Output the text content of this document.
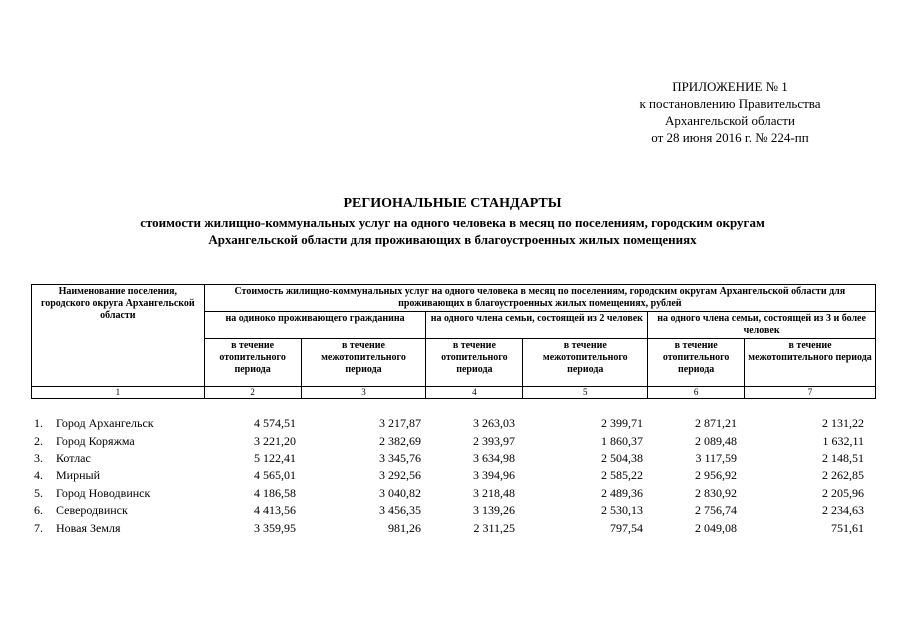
ПРИЛОЖЕНИЕ № 1
к постановлению Правительства
Архангельской области
от 28 июня 2016 г. № 224-пп
РЕГИОНАЛЬНЫЕ СТАНДАРТЫ
стоимости жилищно-коммунальных услуг на одного человека в месяц по поселениям, городским округам
Архангельской области для проживающих в благоустроенных жилых помещениях
Наименование поселения, городского округа Архангельской области	Стоимость жилищно-коммунальных услуг на одного человека в месяц по поселениям, городским округам Архангельской области для проживающих в благоустроенных жилых помещениях, рублей					
	на одиноко проживающего гражданина		на одного члена семьи, состоящей из 2 человек		на одного члена семьи, состоящей из 3 и более человек	
	в течение отопительного периода	в течение межотопительного периода	в течение отопительного периода	в течение межотопительного периода	в течение отопительного периода	в течение межотопительного периода
1	2	3	4	5	6	7
1. Город Архангельск	4 574,51	3 217,87	3 263,03	2 399,71	2 871,21	2 131,22
2. Город Коряжма	3 221,20	2 382,69	2 393,97	1 860,37	2 089,48	1 632,11
3. Котлас	5 122,41	3 345,76	3 634,98	2 504,38	3 117,59	2 148,51
4. Мирный	4 565,01	3 292,56	3 394,96	2 585,22	2 956,92	2 262,85
5. Город Новодвинск	4 186,58	3 040,82	3 218,48	2 489,36	2 830,92	2 205,96
6. Северодвинск	4 413,56	3 456,35	3 139,26	2 530,13	2 756,74	2 234,63
7. Новая Земля	3 359,95	981,26	2 311,25	797,54	2 049,08	751,61
